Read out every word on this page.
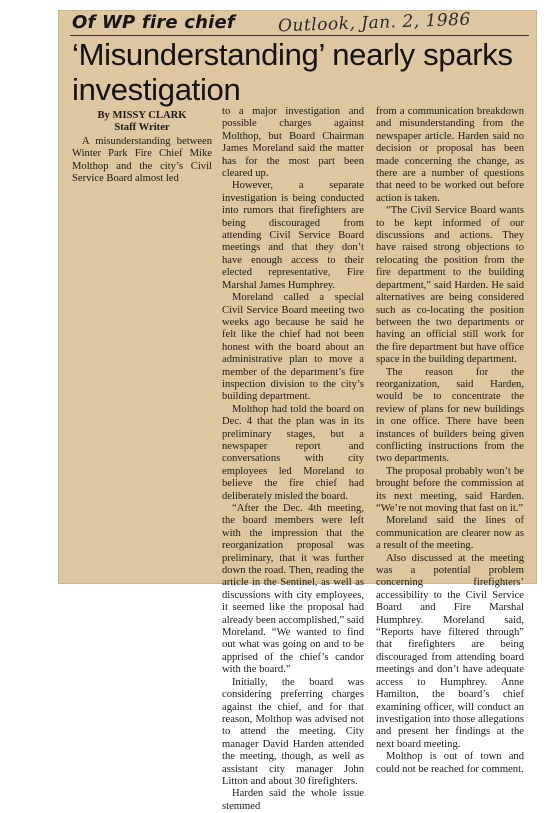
Of WP fire chief	Outlook, Jan. 2, 1986
‘Misunderstanding’ nearly sparks investigation
By MISSY CLARK
Staff Writer

A misunderstanding between Winter Park Fire Chief Mike Molthop and the city’s Civil Service Board almost led

to a major investigation and possible charges against Molthop, but Board Chairman James Moreland said the matter has for the most part been cleared up.

However, a separate investigation is being conducted into rumors that firefighters are being discouraged from attending Civil Service Board meetings and that they don’t have enough access to their elected representative, Fire Marshal James Humphrey.

Moreland called a special Civil Service Board meeting two weeks ago because he said he felt like the chief had not been honest with the board about an administrative plan to move a member of the department’s fire inspection division to the city’s building department.

Molthop had told the board on Dec. 4 that the plan was in its preliminary stages, but a newspaper report and conversations with city employees led Moreland to believe the fire chief had deliberately misled the board.

“After the Dec. 4th meeting, the board members were left with the impression that the reorganization proposal was preliminary, that it was further down the road. Then, reading the article in the Sentinel, as well as discussions with city employees, it seemed like the proposal had already been accomplished,” said Moreland. “We wanted to find out what was going on and to be apprised of the chief’s candor with the board.”

Initially, the board was considering preferring charges against the chief, and for that reason, Molthop was advised not to attend the meeting. City manager David Harden attended the meeting, though, as well as assistant city manager John Litton and about 30 firefighters.

Harden said the whole issue stemmed

from a communication breakdown and misunderstanding from the newspaper article. Harden said no decision or proposal has been made concerning the change, as there are a number of questions that need to be worked out before action is taken.

“The Civil Service Board wants to be kept informed of our discussions and actions. They have raised strong objections to relocating the position from the fire department to the building department,” said Harden. He said alternatives are being considered such as co-locating the position between the two departments or having an official still work for the fire department but have office space in the building department.

The reason for the reorganization, said Harden, would be to concentrate the review of plans for new buildings in one office. There have been instances of builders being given conflicting instructions from the two departments.

The proposal probably won’t be brought before the commission at its next meeting, said Harden. “We’re not moving that fast on it.”

Moreland said the lines of communication are clearer now as a result of the meeting.

Also discussed at the meeting was a potential problem concerning firefighters’ accessibility to the Civil Service Board and Fire Marshal Humphrey. Moreland said, “Reports have filtered through” that firefighters are being discouraged from attending board meetings and don’t have adequate access to Humphrey. Anne Hamilton, the board’s chief examining officer, will conduct an investigation into those allegations and present her findings at the next board meeting.

Molthop is out of town and could not be reached for comment.
